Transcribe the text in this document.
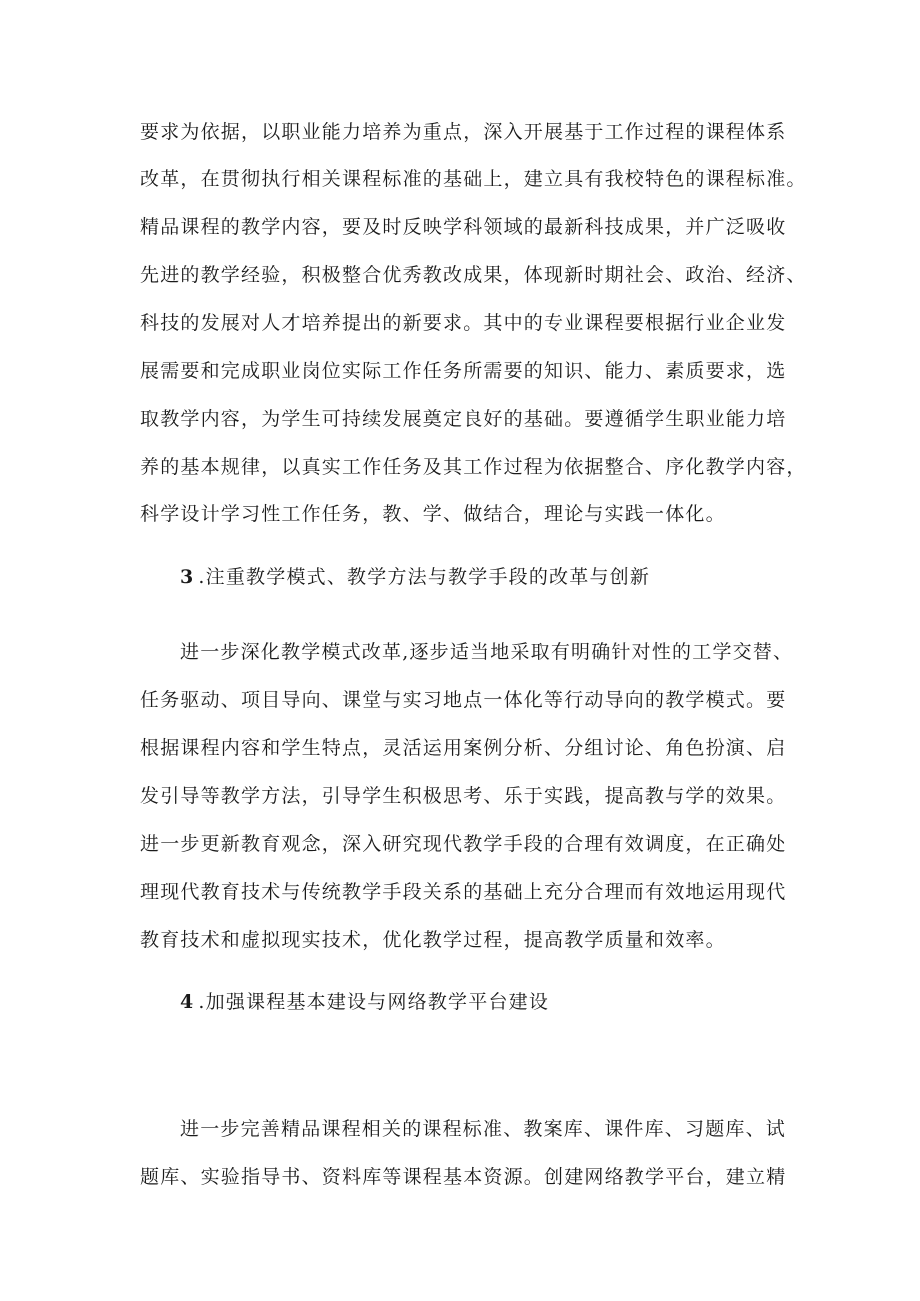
要求为依据，以职业能力培养为重点，深入开展基于工作过程的课程体系
改革，在贯彻执行相关课程标准的基础上，建立具有我校特色的课程标准。
精品课程的教学内容，要及时反映学科领域的最新科技成果，并广泛吸收
先进的教学经验，积极整合优秀教改成果，体现新时期社会、政治、经济、
科技的发展对人才培养提出的新要求。其中的专业课程要根据行业企业发
展需要和完成职业岗位实际工作任务所需要的知识、能力、素质要求，选
取教学内容，为学生可持续发展奠定良好的基础。要遵循学生职业能力培
养的基本规律，以真实工作任务及其工作过程为依据整合、序化教学内容，
科学设计学习性工作任务，教、学、做结合，理论与实践一体化。
3 .注重教学模式、教学方法与教学手段的改革与创新
进一步深化教学模式改革,逐步适当地采取有明确针对性的工学交替、
任务驱动、项目导向、课堂与实习地点一体化等行动导向的教学模式。要
根据课程内容和学生特点，灵活运用案例分析、分组讨论、角色扮演、启
发引导等教学方法，引导学生积极思考、乐于实践，提高教与学的效果。
进一步更新教育观念，深入研究现代教学手段的合理有效调度，在正确处
理现代教育技术与传统教学手段关系的基础上充分合理而有效地运用现代
教育技术和虚拟现实技术，优化教学过程，提高教学质量和效率。
4 .加强课程基本建设与网络教学平台建设
进一步完善精品课程相关的课程标准、教案库、课件库、习题库、试
题库、实验指导书、资料库等课程基本资源。创建网络教学平台，建立精
